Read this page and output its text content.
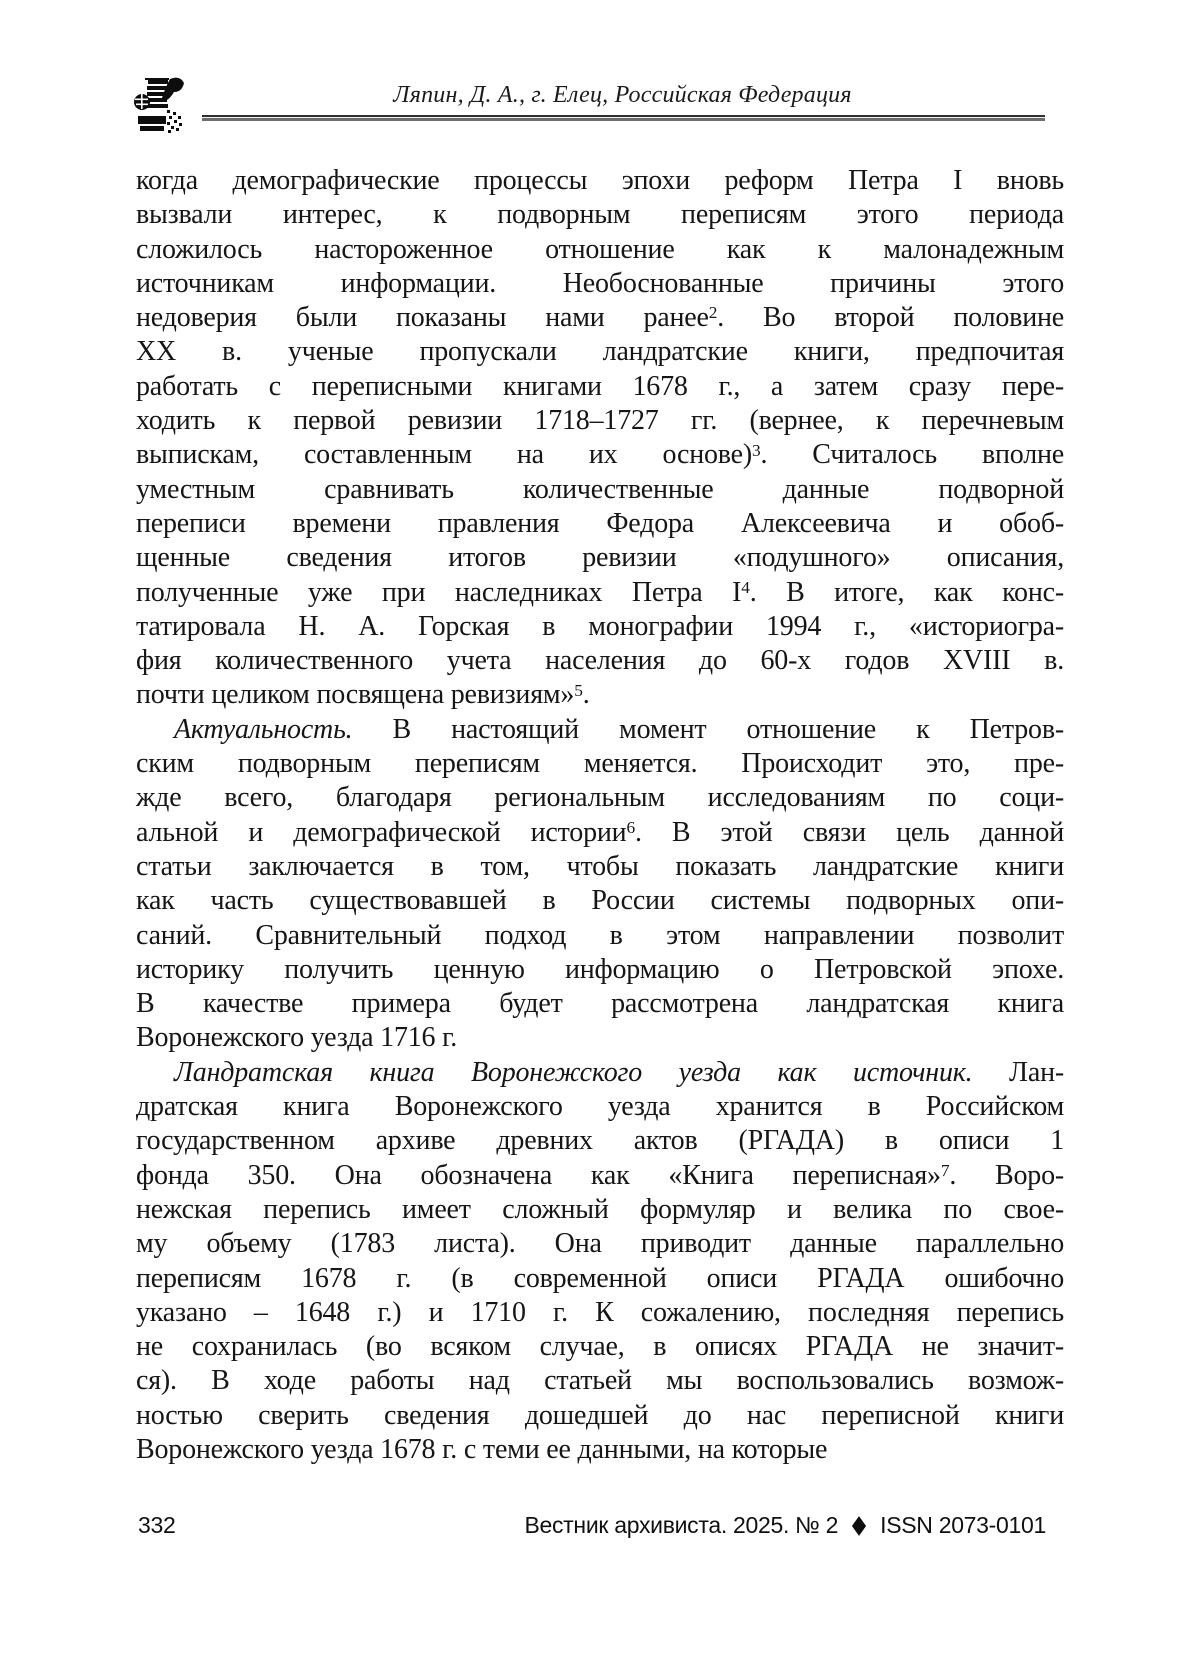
Ляпин, Д. А., г. Елец, Российская Федерация
когда демографические процессы эпохи реформ Петра I вновь
вызвали интерес, к подворным переписям этого периода
сложилось настороженное отношение как к малонадежным
источникам информации. Необоснованные причины этого
недоверия были показаны нами ранее$^2$. Во второй половине
XX в. ученые пропускали ландратские книги, предпочитая
работать с переписными книгами 1678 г., а затем сразу пере-
ходить к первой ревизии 1718–1727 гг. (вернее, к перечневым
выпискам, составленным на их основе)$^3$. Считалось вполне
уместным сравнивать количественные данные подворной
переписи времени правления Федора Алексеевича и обоб-
щенные сведения итогов ревизии «подушного» описания,
полученные уже при наследниках Петра $I^4$. В итоге, как конс-
татировала Н. А. Горская в монографии 1994 г., «историогра-
фия количественного учета населения до 60-х годов XVIII в.
почти целиком посвящена ревизиям»$^5$.
Актуальность. В настоящий момент отношение к Петров-
ским подворным переписям меняется. Происходит это, пре-
жде всего, благодаря региональным исследованиям по соци-
альной и демографической истории$^6$. В этой связи цель данной
статьи заключается в том, чтобы показать ландратские книги
как часть существовавшей в России системы подворных опи-
саний. Сравнительный подход в этом направлении позволит
историку получить ценную информацию о Петровской эпохе.
В качестве примера будет рассмотрена ландратская книга
Воронежского уезда 1716 г.
Ландратская книга Воронежского уезда как источник. Лан-
дратская книга Воронежского уезда хранится в Российском
государственном архиве древних актов (РГАДА) в описи 1
фонда 350. Она обозначена как «Книга переписная»$^7$. Воро-
нежская перепись имеет сложный формуляр и велика по свое-
му объему (1783 листа). Она приводит данные параллельно
переписям 1678 г. (в современной описи РГАДА ошибочно
указано – 1648 г.) и 1710 г. К сожалению, последняя перепись
не сохранилась (во всяком случае, в описях РГАДА не значит-
ся). В ходе работы над статьей мы воспользовались возмож-
ностью сверить сведения дошедшей до нас переписной книги
Воронежского уезда 1678 г. с теми ее данными, на которые
332	Вестник архивиста. 2025. № 2 ISSN 2073-0101
